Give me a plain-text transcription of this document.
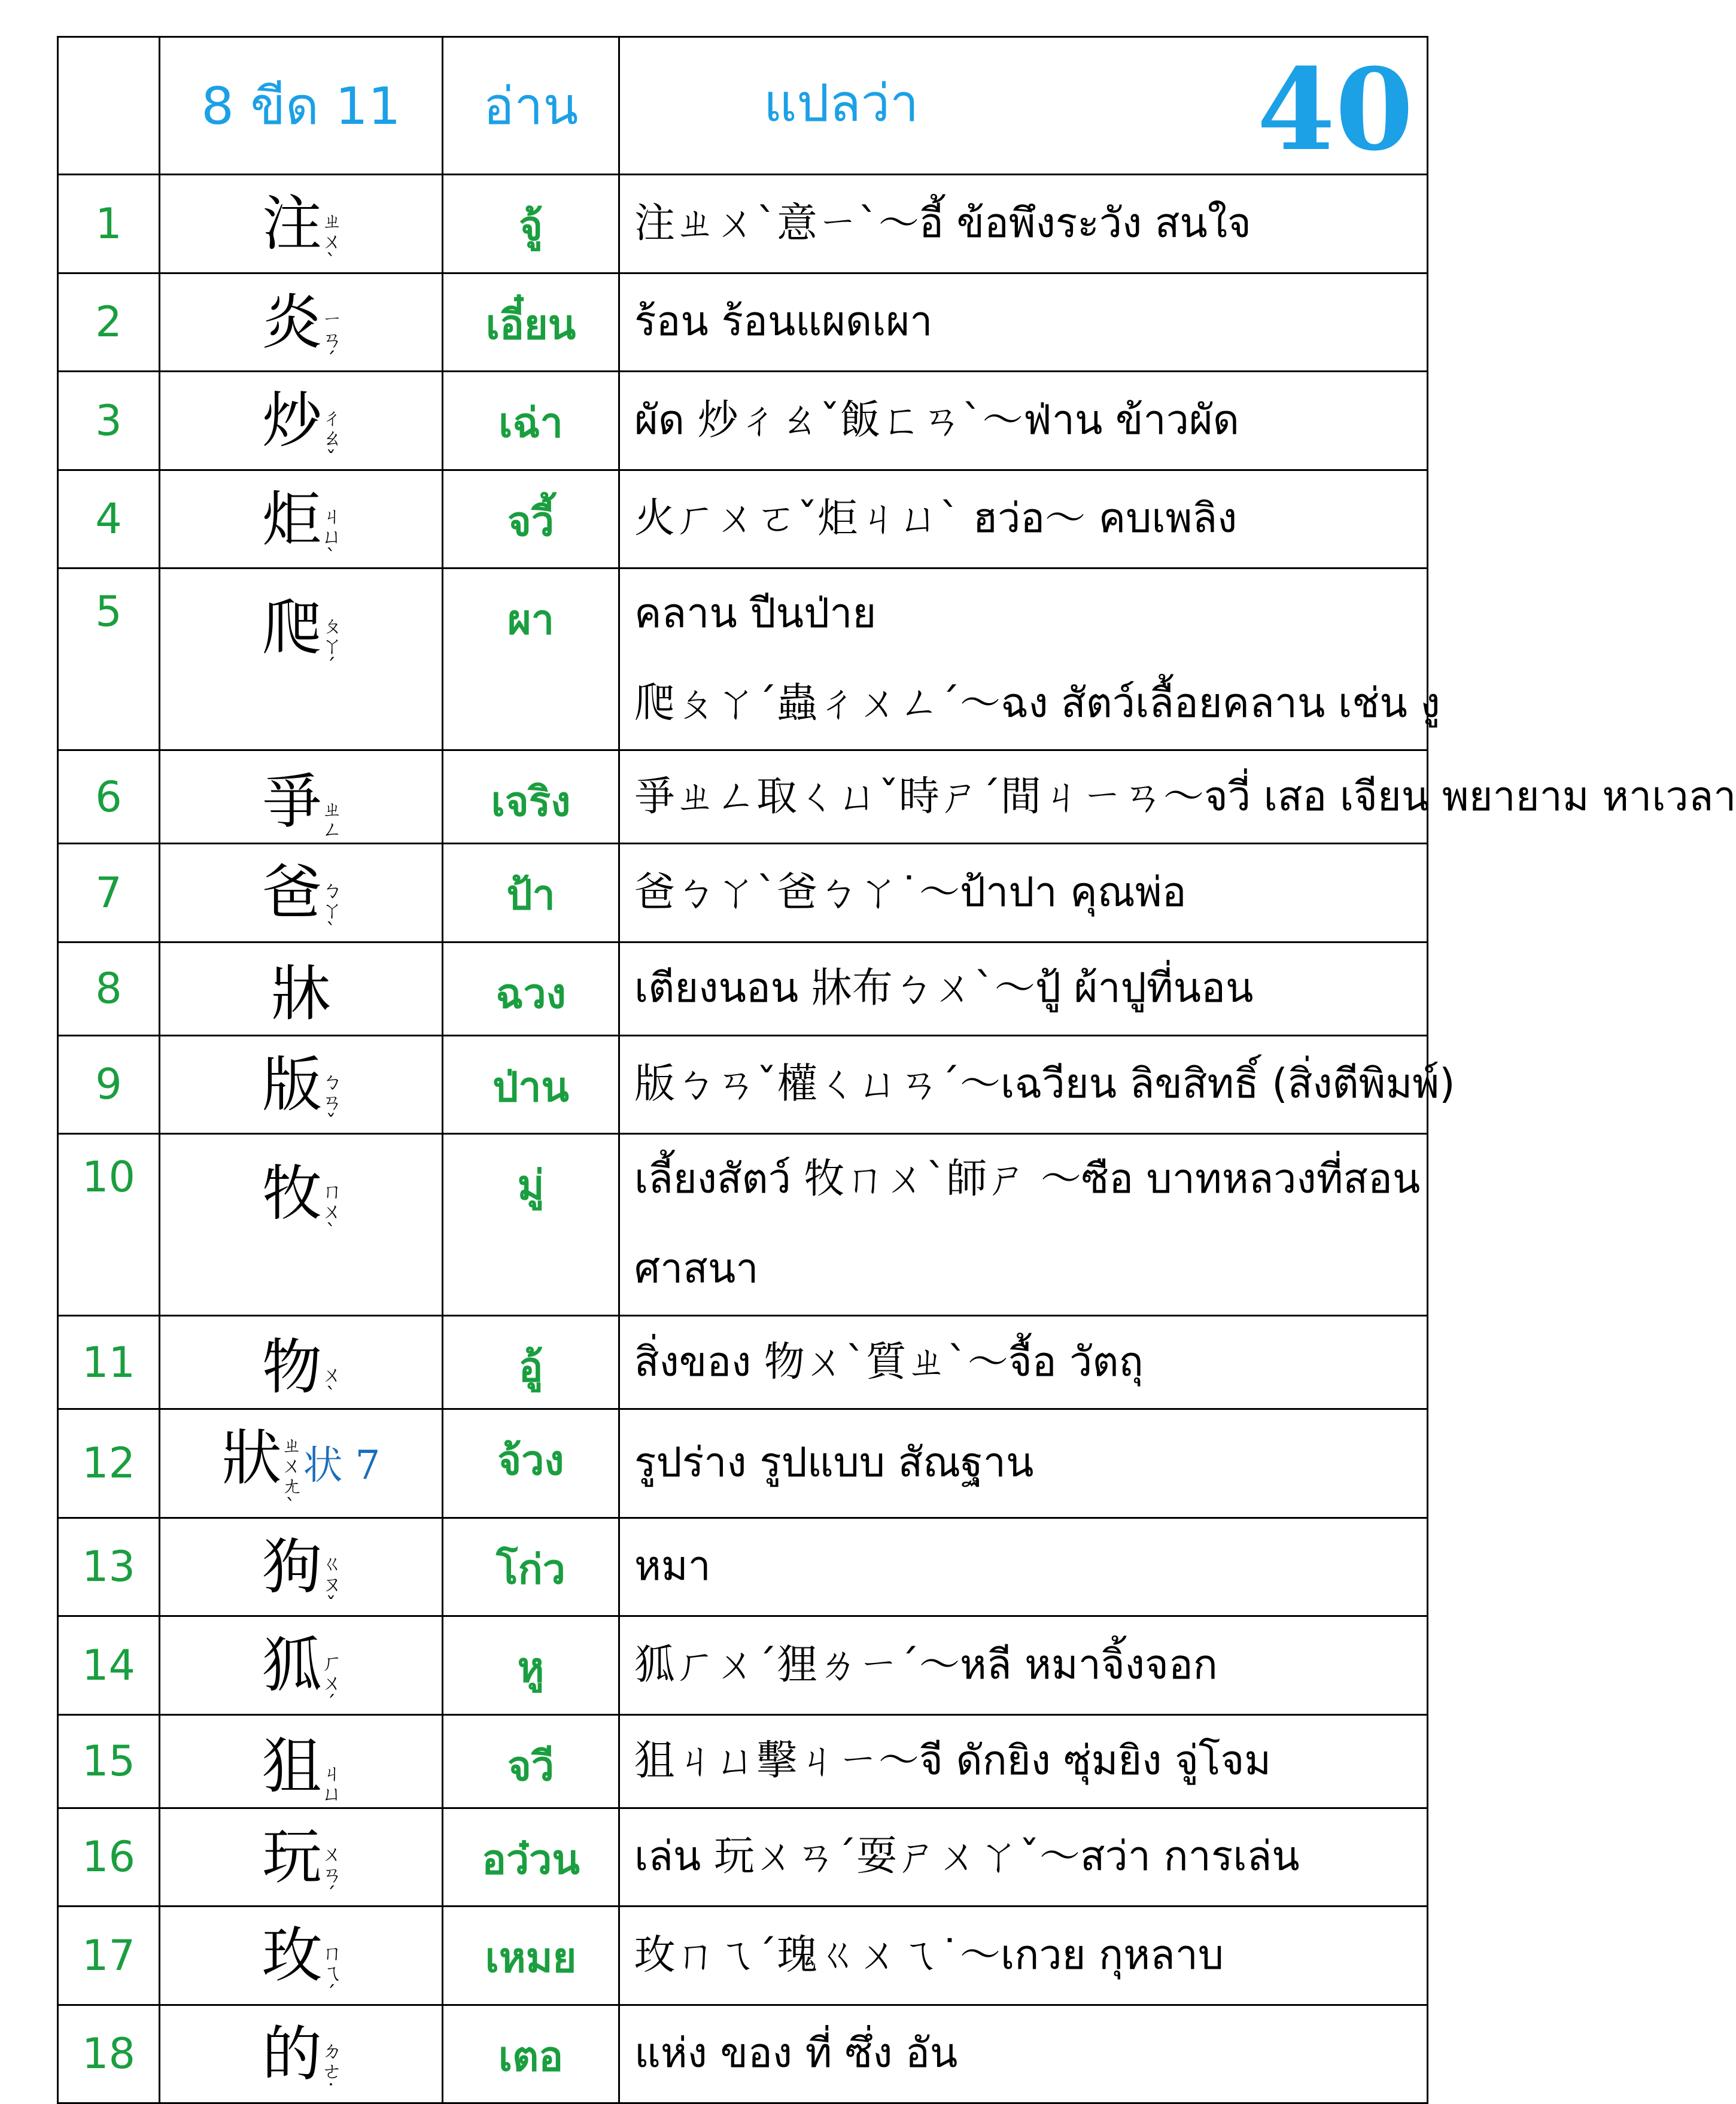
	8 ขีด 11	อ่าน	แปลว่า 40

1	注ㄓㄨˋ	จู้	注ㄓㄨˋ意ㄧˋ～อี้ ข้อพึงระวัง สนใจ

2	炎ㄧㄢˊ	เอี๋ยน	ร้อน ร้อนแผดเผา

3	炒ㄔㄠˇ	เฉ่า	ผัด 炒ㄔㄠˇ飯ㄈㄢˋ～ฟ่าน ข้าวผัด

4	炬ㄐㄩˋ	จวี้	火ㄏㄨㄛˇ炬ㄐㄩˋ ฮว่อ～ คบเพลิง

5	爬ㄆㄚˊ	ผา	คลาน ปีนป่าย
爬ㄆㄚˊ蟲ㄔㄨㄥˊ～ฉง สัตว์เลื้อยคลาน เช่น งู

6	爭ㄓㄥ	เจริง	爭ㄓㄥ取ㄑㄩˇ時ㄕˊ間ㄐㄧㄢ～จวี่ เสอ เจียน พยายาม หาเวลา

7	爸ㄅㄚˋ	ป้า	爸ㄅㄚˋ爸ㄅㄚ˙～ป้าปา คุณพ่อ

8	牀	ฉวง	เตียงนอน 牀布ㄅㄨˋ～ปู้ ผ้าปูที่นอน

9	版ㄅㄢˇ	ป่าน	版ㄅㄢˇ權ㄑㄩㄢˊ～เฉวียน ลิขสิทธิ์ (สิ่งตีพิมพ์)

10	牧ㄇㄨˋ	มู่	เลี้ยงสัตว์ 牧ㄇㄨˋ師ㄕ ～ซือ บาทหลวงที่สอน
ศาสนา

11	物ㄨˋ	อู้	สิ่งของ 物ㄨˋ質ㄓˋ～จื้อ วัตถุ

12	狀ㄓㄨㄤˋ状 7	จ้วง	รูปร่าง รูปแบบ สัณฐาน

13	狗ㄍㄡˇ	โก่ว	หมา

14	狐ㄏㄨˊ	หู	狐ㄏㄨˊ狸ㄌㄧˊ～หลี หมาจิ้งจอก

15	狙ㄐㄩ	จวี	狙ㄐㄩ擊ㄐㄧ～จี ดักยิง ซุ่มยิง จู่โจม

16	玩ㄨㄢˊ	อว๋วน	เล่น 玩ㄨㄢˊ耍ㄕㄨㄚˇ～สว่า การเล่น

17	玫ㄇㄟˊ	เหมย	玫ㄇㄟˊ瑰ㄍㄨㄟ˙～เกวย กุหลาบ

18	的ㄉㄜ˙	เตอ	แห่ง ของ ที่ ซึ่ง อัน
